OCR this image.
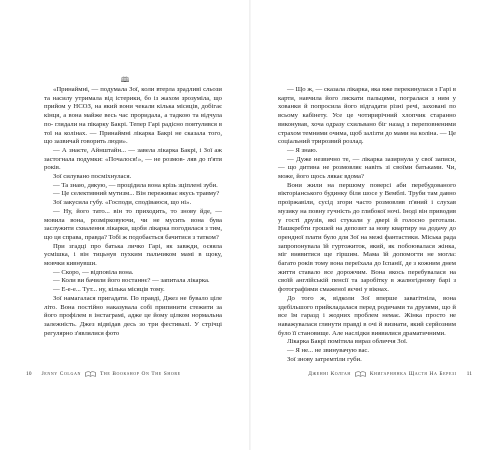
🕮

«Принаймні, — подумала Зої, коли втерла зрадливі сльози та насилу утримала від істерики, бо із жахом зрозуміла, що прийом у НСОЗ, на який вони чекали кілька місяців, добігає кінця, а вона майже весь час проридала, а тадкою та відчула по- глядали на пікарку Бакрі. Тепер Гарі радісно повтулився в тої на колінах. — Принаймні лікарка Бакрі не сказала того, що зазвичай говорить люди».

— А знаєте, Айнштайн... — завела лікарка Бакрі, і Зої аж застогнала подумки: «Почалося!», — не розмов- ляв до п'яти років.

Зої силувано посміхнулася.

— Та знаю, дякую, — процідила вона крізь зціплені зуби.

— Це селективний мутизм... Він переживає якусь травму?

Зої закусила губу. «Господи, сподіваюся, що ні».

— Ну, його тато... він то приходить, то знову йде, — мовила вона, розмірковуючи, чи не мусить вона бува заслужити схвалення лікарки, щоби лікарка погодилася з тим, що ця справа, правда? Тобі ж подобається бачитися з татком?

При згадці про батька личко Гарі, як завжди, осяяла усмішка, і він тицьнув пухким пальчиком мамі в щоку, мовчки кивнувши.

— Скоро, — відповіла вона.

— Коли ви бачили його востаннє? — запитала лікарка.

— Е-е-е... Тут... ну, кілька місяців тому.

Зої намагалася пригадати. По правді, Джез не бувало ціле літо. Вона постійно наказувала собі припинити стежити за його профілем в інстаграмі, адже це йому цілком нормальна залежність. Джез відвідав десь зо три фестивалі. У стрічці регулярно з'являлися фото

10 Jenny Colgan	The Bookshop On The Shore

— Що ж, — сказала лікарка, яка вже перекинулася з Гарі в карти, навчила його ляскати пальцями, погралася з ним у хованки й попросила його відгадати різні речі, заховані по всьому кабінету. Усе це чотирирічний хлопчик старанно виконував, хоча одразу схильвано біг назад з переповненими страхом темними очима, щоб залізти до мами на коліна. — Це соціальний трирозвий розлад.

— Я знаю.

— Дуже незвично те, — лікарка зазирнула у свої записи, — що дитина не розмовляє навіть зі своїми батьками. Чи, може, його щось лякає вдома?

Вони жили на першому поверсі аби перебудованого вікторіанського будинку біля шосе у Вемблі. Труби там давно проіржавіли, сусід згори часто розмовляв п'яний і слухав музику на повну гучність до глибокої ночі. Іноді він приводив у гості друзів, які стукали у двері й голосно реготали. Нашкребти грошей на депозит за нову квартиру на додачу до орендної плати було для Зої на межі фантастики. Міська рада запропонувала їй гуртожиток, який, як побоювалася жінка, міг виявитися ще гіршим. Мама їй допомогти не могла: багато років тому вона переїхала до Іспанії, де з кожним днем життя ставало все дорожчим. Вона якось перебувалася на своїй англійській пенсії та заробітку в жалюгідному барі з фотографіями смаженої яєчні у вікнах.

До того ж, відколи Зої вперше завагітніла, вона здебільшого прийкладалася перед родичами та друзями, що й все їм гаразд і жодних проблем немає. Жінка просто не наважувалася глянути правді в очі й визнати, який серйозним було її становище. Але наслідки виявилися драматичними.

Лікарка Бакрі помітила вираз обличчя Зої.

— Я не... не звинувачую вас.

Зої знову затремтіли губи.

Дженні Колган	Книгарнянка Щастя На Березі 11
